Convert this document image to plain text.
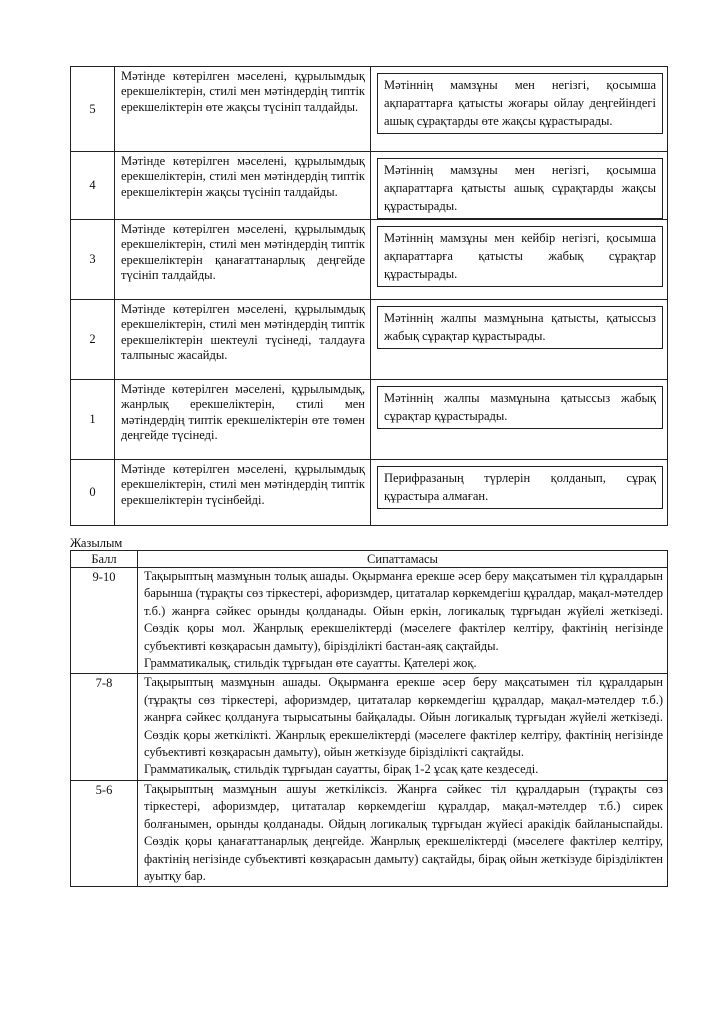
5	Мәтінде көтерілген мәселені, құрылымдық ерекшеліктерін, стилі мен мәтіндердің типтік ерекшеліктерін өте жақсы түсініп талдайды.	Мәтіннің мамзұны мен негізгі, қосымша ақпараттарға қатысты жоғары ойлау деңгейіндегі ашық сұрақтарды өте жақсы құрастырады.

4	Мәтінде көтерілген мәселені, құрылымдық ерекшеліктерін, стилі мен мәтіндердің типтік ерекшеліктерін жақсы түсініп талдайды.	Мәтіннің мамзұны мен негізгі, қосымша ақпараттарға қатысты ашық сұрақтарды жақсы құрастырады.

3	Мәтінде көтерілген мәселені, құрылымдық ерекшеліктерін, стилі мен мәтіндердің типтік ерекшеліктерін қанағаттанарлық деңгейде түсініп талдайды.	Мәтіннің мамзұны мен кейбір негізгі, қосымша ақпараттарға қатысты жабық сұрақтар құрастырады.

2	Мәтінде көтерілген мәселені, құрылымдық ерекшеліктерін, стилі мен мәтіндердің типтік ерекшеліктерін шектеулі түсінеді, талдауға талпыныс жасайды.	Мәтіннің жалпы мазмұнына қатысты, қатыссыз жабық сұрақтар құрастырады.

1	Мәтінде көтерілген мәселені, құрылымдық, жанрлық ерекшеліктерін, стилі мен мәтіндердің типтік ерекшеліктерін өте төмен деңгейде түсінеді.	Мәтіннің жалпы мазмұнына қатыссыз жабық сұрақтар құрастырады.

0	Мәтінде көтерілген мәселені, құрылымдық ерекшеліктерін, стилі мен мәтіндердің типтік ерекшеліктерін түсінбейді.	Перифразаның түрлерін қолданып, сұрақ құрастыра алмаған.
Жазылым
Балл	Сипаттамасы
9-10	Тақырыптың мазмұнын толық ашады. Оқырманға ерекше әсер беру мақсатымен тіл құралдарын барынша (тұрақты сөз тіркестері, афоризмдер, цитаталар көркемдегіш құралдар, мақал-мәтелдер т.б.) жанрға сәйкес орынды қолданады. Ойын еркін, логикалық тұрғыдан жүйелі жеткізеді. Сөздік қоры мол. Жанрлық ерекшеліктерді (мәселеге фактілер келтіру, фактінің негізінде субъективті көзқарасын дамыту), бірізділікті бастан-аяқ сақтайды.

Грамматикалық, стильдік тұрғыдан өте сауатты. Қателері жоқ.

7-8	Тақырыптың мазмұнын ашады. Оқырманға ерекше әсер беру мақсатымен тіл құралдарын (тұрақты сөз тіркестері, афоризмдер, цитаталар көркемдегіш құралдар, мақал-мәтелдер т.б.) жанрға сәйкес қолдануға тырысатыны байқалады. Ойын логикалық тұрғыдан жүйелі жеткізеді. Сөздік қоры жеткілікті. Жанрлық ерекшеліктерді (мәселеге фактілер келтіру, фактінің негізінде субъективті көзқарасын дамыту), ойын жеткізуде бірізділікті сақтайды.

Грамматикалық, стильдік тұрғыдан сауатты, бірақ 1-2 ұсақ қате кездеседі.

5-6	Тақырыптың мазмұнын ашуы жеткіліксіз. Жанрға сәйкес тіл құралдарын (тұрақты сөз тіркестері, афоризмдер, цитаталар көркемдегіш құралдар, мақал-мәтелдер т.б.) сирек болғанымен, орынды қолданады. Ойдың логикалық тұрғыдан жүйесі аракідік байланыспайды. Сөздік қоры қанағаттанарлық деңгейде. Жанрлық ерекшеліктерді (мәселеге фактілер келтіру, фактінің негізінде субъективті көзқарасын дамыту) сақтайды, бірақ ойын жеткізуде бірізділіктен ауытқу бар.
